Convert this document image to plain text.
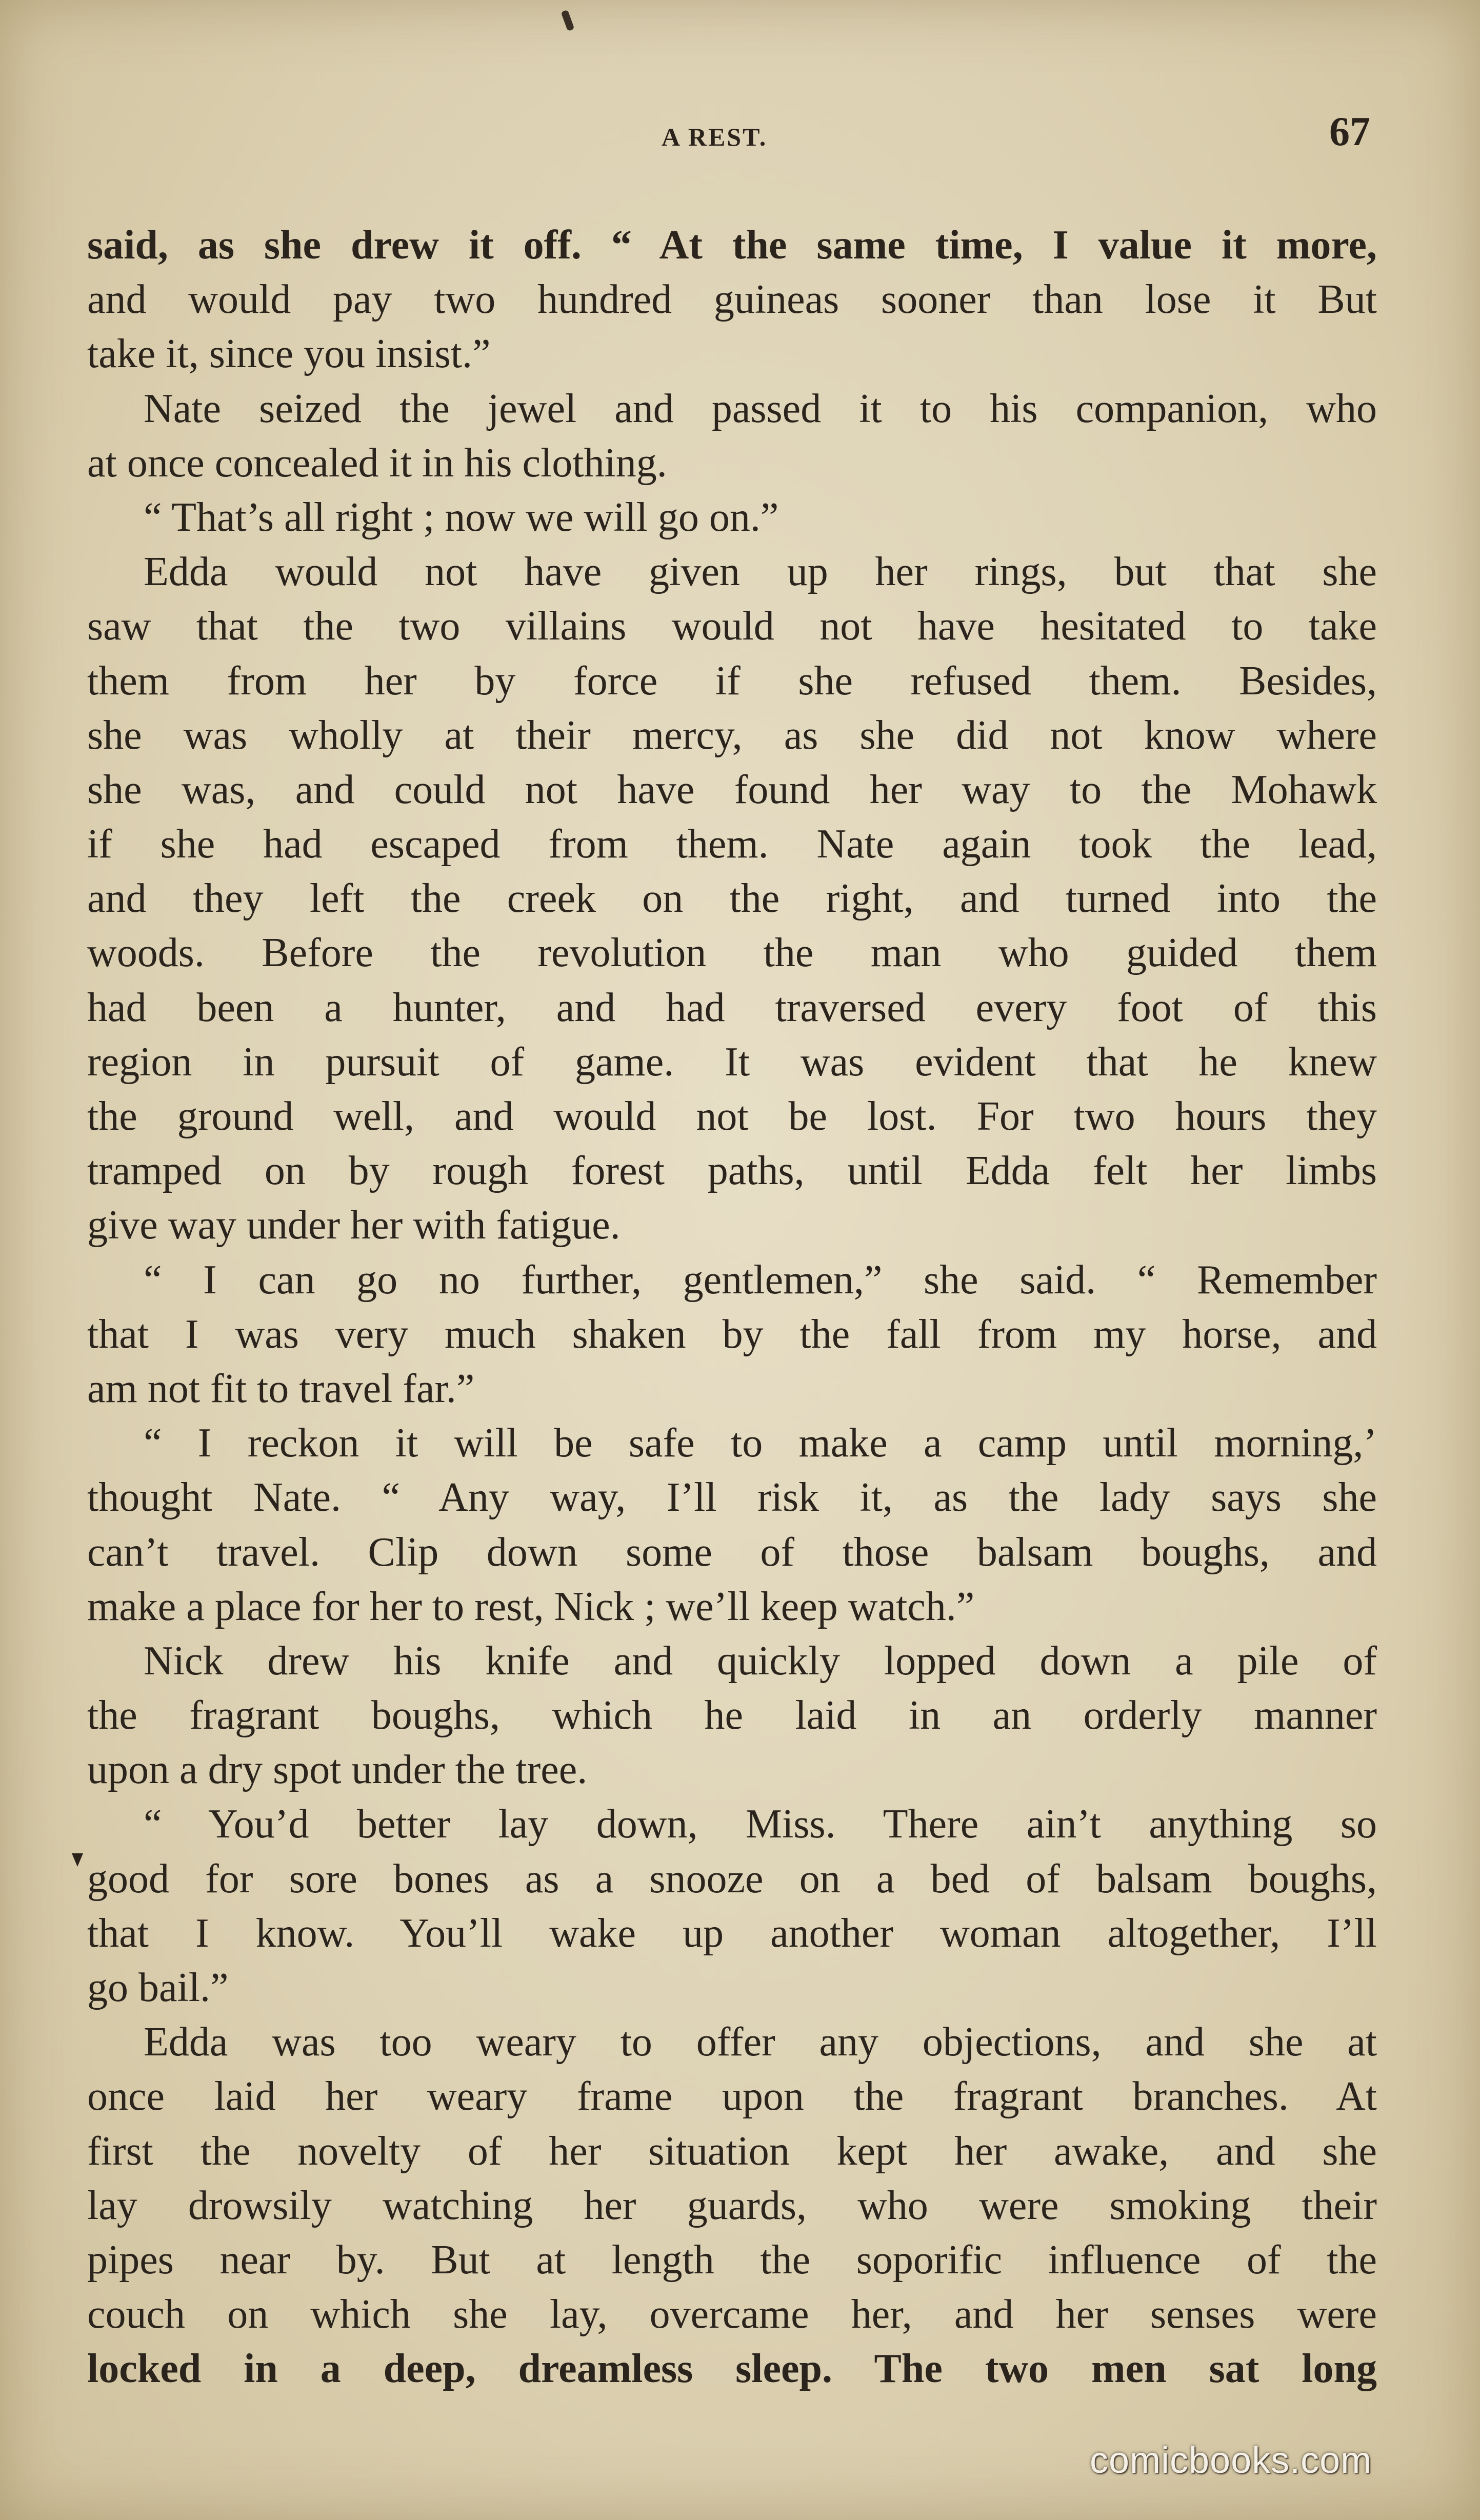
A REST.	67
said, as she drew it off. “ At the same time, I value it more,
and would pay two hundred guineas sooner than lose it But
take it, since you insist.”
Nate seized the jewel and passed it to his companion, who
at once concealed it in his clothing.
“ That’s all right ; now we will go on.”
Edda would not have given up her rings, but that she
saw that the two villains would not have hesitated to take
them from her by force if she refused them. Besides,
she was wholly at their mercy, as she did not know where
she was, and could not have found her way to the Mohawk
if she had escaped from them. Nate again took the lead,
and they left the creek on the right, and turned into the
woods. Before the revolution the man who guided them
had been a hunter, and had traversed every foot of this
region in pursuit of game. It was evident that he knew
the ground well, and would not be lost. For two hours they
tramped on by rough forest paths, until Edda felt her limbs
give way under her with fatigue.
“ I can go no further, gentlemen,” she said. “ Remember
that I was very much shaken by the fall from my horse, and
am not fit to travel far.”
“ I reckon it will be safe to make a camp until morning,’
thought Nate. “ Any way, I’ll risk it, as the lady says she
can’t travel. Clip down some of those balsam boughs, and
make a place for her to rest, Nick ; we’ll keep watch.”
Nick drew his knife and quickly lopped down a pile of
the fragrant boughs, which he laid in an orderly manner
upon a dry spot under the tree.
“ You’d better lay down, Miss. There ain’t anything so
good for sore bones as a snooze on a bed of balsam boughs,
that I know. You’ll wake up another woman altogether, I’ll
go bail.”
Edda was too weary to offer any objections, and she at
once laid her weary frame upon the fragrant branches. At
first the novelty of her situation kept her awake, and she
lay drowsily watching her guards, who were smoking their
pipes near by. But at length the soporific influence of the
couch on which she lay, overcame her, and her senses were
locked in a deep, dreamless sleep. The two men sat long
comicbooks.com
